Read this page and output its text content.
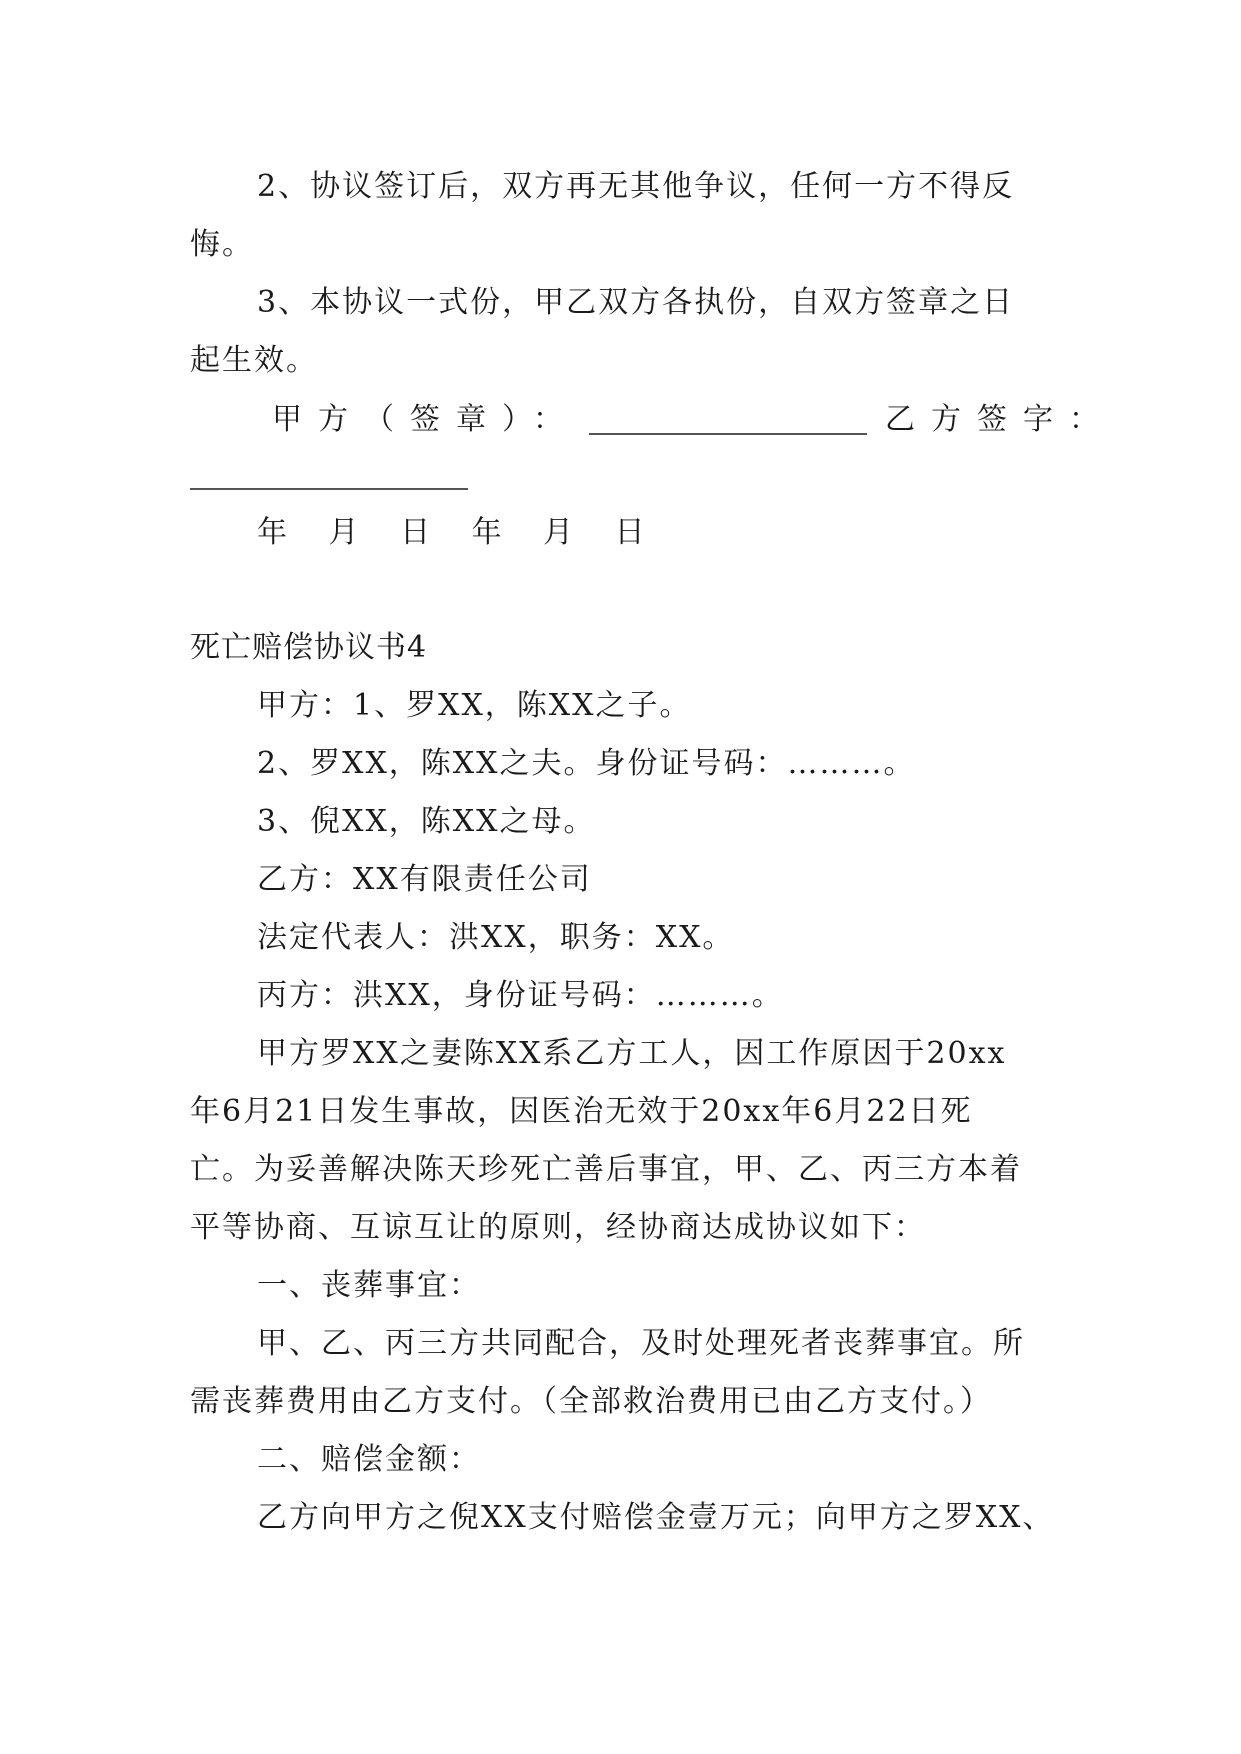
2、协议签订后，双方再无其他争议，任何一方不得反
悔。
3、本协议一式份，甲乙双方各执份，自双方签章之日
起生效。
甲方（签章）：	乙方签字：
年 月 日 年 月 日
死亡赔偿协议书4
甲方：1、罗XX，陈XX之子。
2、罗XX，陈XX之夫。身份证号码：………。
3、倪XX，陈XX之母。
乙方：XX有限责任公司
法定代表人：洪XX，职务：XX。
丙方：洪XX，身份证号码：………。
甲方罗XX之妻陈XX系乙方工人，因工作原因于20xx
年6月21日发生事故，因医治无效于20xx年6月22日死
亡。为妥善解决陈天珍死亡善后事宜，甲、乙、丙三方本着
平等协商、互谅互让的原则，经协商达成协议如下：
一、丧葬事宜：
甲、乙、丙三方共同配合，及时处理死者丧葬事宜。所
需丧葬费用由乙方支付。（全部救治费用已由乙方支付。）
二、赔偿金额：
乙方向甲方之倪XX支付赔偿金壹万元；向甲方之罗XX、
